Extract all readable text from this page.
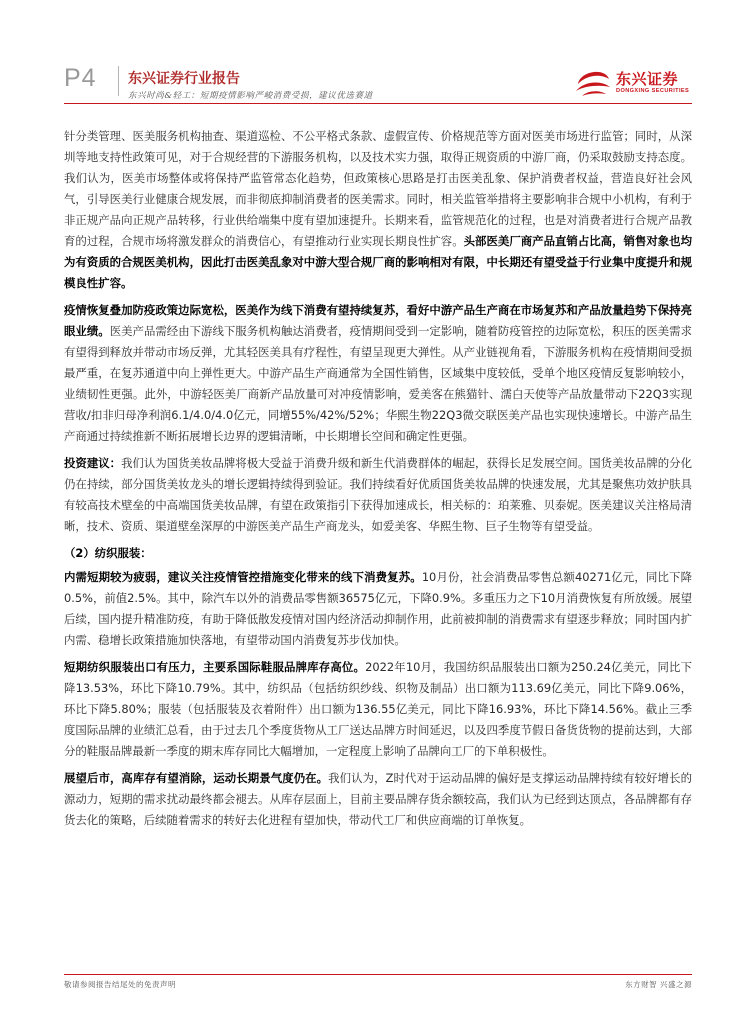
P4 东兴证券行业报告
东兴时尚&轻工：短期疫情影响严峻消费受损，建议优选赛道
东兴证券
DONGXING SECURITIES

针分类管理、医美服务机构抽查、渠道巡检、不公平格式条款、虚假宣传、价格规范等方面对医美市场进行监管；同时，从深圳等地支持性政策可见，对于合规经营的下游服务机构，以及技术实力强，取得正规资质的中游厂商，仍采取鼓励支持态度。我们认为，医美市场整体或将保持严监管常态化趋势，但政策核心思路是打击医美乱象、保护消费者权益，营造良好社会风气，引导医美行业健康合规发展，而非彻底抑制消费者的医美需求。同时，相关监管举措将主要影响非合规中小机构，有利于非正规产品向正规产品转移，行业供给端集中度有望加速提升。长期来看，监管规范化的过程，也是对消费者进行合规产品教育的过程，合规市场将激发群众的消费信心，有望推动行业实现长期良性扩容。头部医美厂商产品直销占比高，销售对象也均为有资质的合规医美机构，因此打击医美乱象对中游大型合规厂商的影响相对有限，中长期还有望受益于行业集中度提升和规模良性扩容。

疫情恢复叠加防疫政策边际宽松，医美作为线下消费有望持续复苏，看好中游产品生产商在市场复苏和产品放量趋势下保持亮眼业绩。医美产品需经由下游线下服务机构触达消费者，疫情期间受到一定影响，随着防疫管控的边际宽松，积压的医美需求有望得到释放并带动市场反弹，尤其轻医美具有疗程性，有望呈现更大弹性。从产业链视角看，下游服务机构在疫情期间受损最严重，在复苏通道中向上弹性更大。中游产品生产商通常为全国性销售，区域集中度较低，受单个地区疫情反复影响较小，业绩韧性更强。此外，中游轻医美厂商新产品放量可对冲疫情影响，爱美客在熊猫针、濡白天使等产品放量带动下22Q3实现营收/扣非归母净利润6.1/4.0/4.0亿元，同增55%/42%/52%；华熙生物22Q3微交联医美产品也实现快速增长。中游产品生产商通过持续推新不断拓展增长边界的逻辑清晰，中长期增长空间和确定性更强。

投资建议：我们认为国货美妆品牌将极大受益于消费升级和新生代消费群体的崛起，获得长足发展空间。国货美妆品牌的分化仍在持续，部分国货美妆龙头的增长逻辑持续得到验证。我们持续看好优质国货美妆品牌的快速发展，尤其是聚焦功效护肤具有较高技术壁垒的中高端国货美妆品牌，有望在政策指引下获得加速成长，相关标的：珀莱雅、贝泰妮。医美建议关注格局清晰，技术、资质、渠道壁垒深厚的中游医美产品生产商龙头，如爱美客、华熙生物、巨子生物等有望受益。

（2）纺织服装：

内需短期较为疲弱，建议关注疫情管控措施变化带来的线下消费复苏。10月份，社会消费品零售总额40271亿元，同比下降0.5%，前值2.5%。其中，除汽车以外的消费品零售额36575亿元，下降0.9%。多重压力之下10月消费恢复有所放缓。展望后续，国内提升精准防疫，有助于降低散发疫情对国内经济活动抑制作用，此前被抑制的消费需求有望逐步释放；同时国内扩内需、稳增长政策措施加快落地，有望带动国内消费复苏步伐加快。

短期纺织服装出口有压力，主要系国际鞋服品牌库存高位。2022年10月，我国纺织品服装出口额为250.24亿美元，同比下降13.53%，环比下降10.79%。其中，纺织品（包括纺织纱线、织物及制品）出口额为113.69亿美元，同比下降9.06%，环比下降5.80%；服装（包括服装及衣着附件）出口额为136.55亿美元，同比下降16.93%，环比下降14.56%。截止三季度国际品牌的业绩汇总看，由于过去几个季度货物从工厂送达品牌方时间延迟，以及四季度节假日备货货物的提前达到，大部分的鞋服品牌最新一季度的期末库存同比大幅增加，一定程度上影响了品牌向工厂的下单积极性。

展望后市，高库存有望消除，运动长期景气度仍在。我们认为，Z时代对于运动品牌的偏好是支撑运动品牌持续有较好增长的源动力，短期的需求扰动最终都会褪去。从库存层面上，目前主要品牌存货余额较高，我们认为已经到达顶点，各品牌都有存货去化的策略，后续随着需求的转好去化进程有望加快，带动代工厂和供应商端的订单恢复。

敬请参阅报告结尾处的免责声明	东方财智 兴盛之源
